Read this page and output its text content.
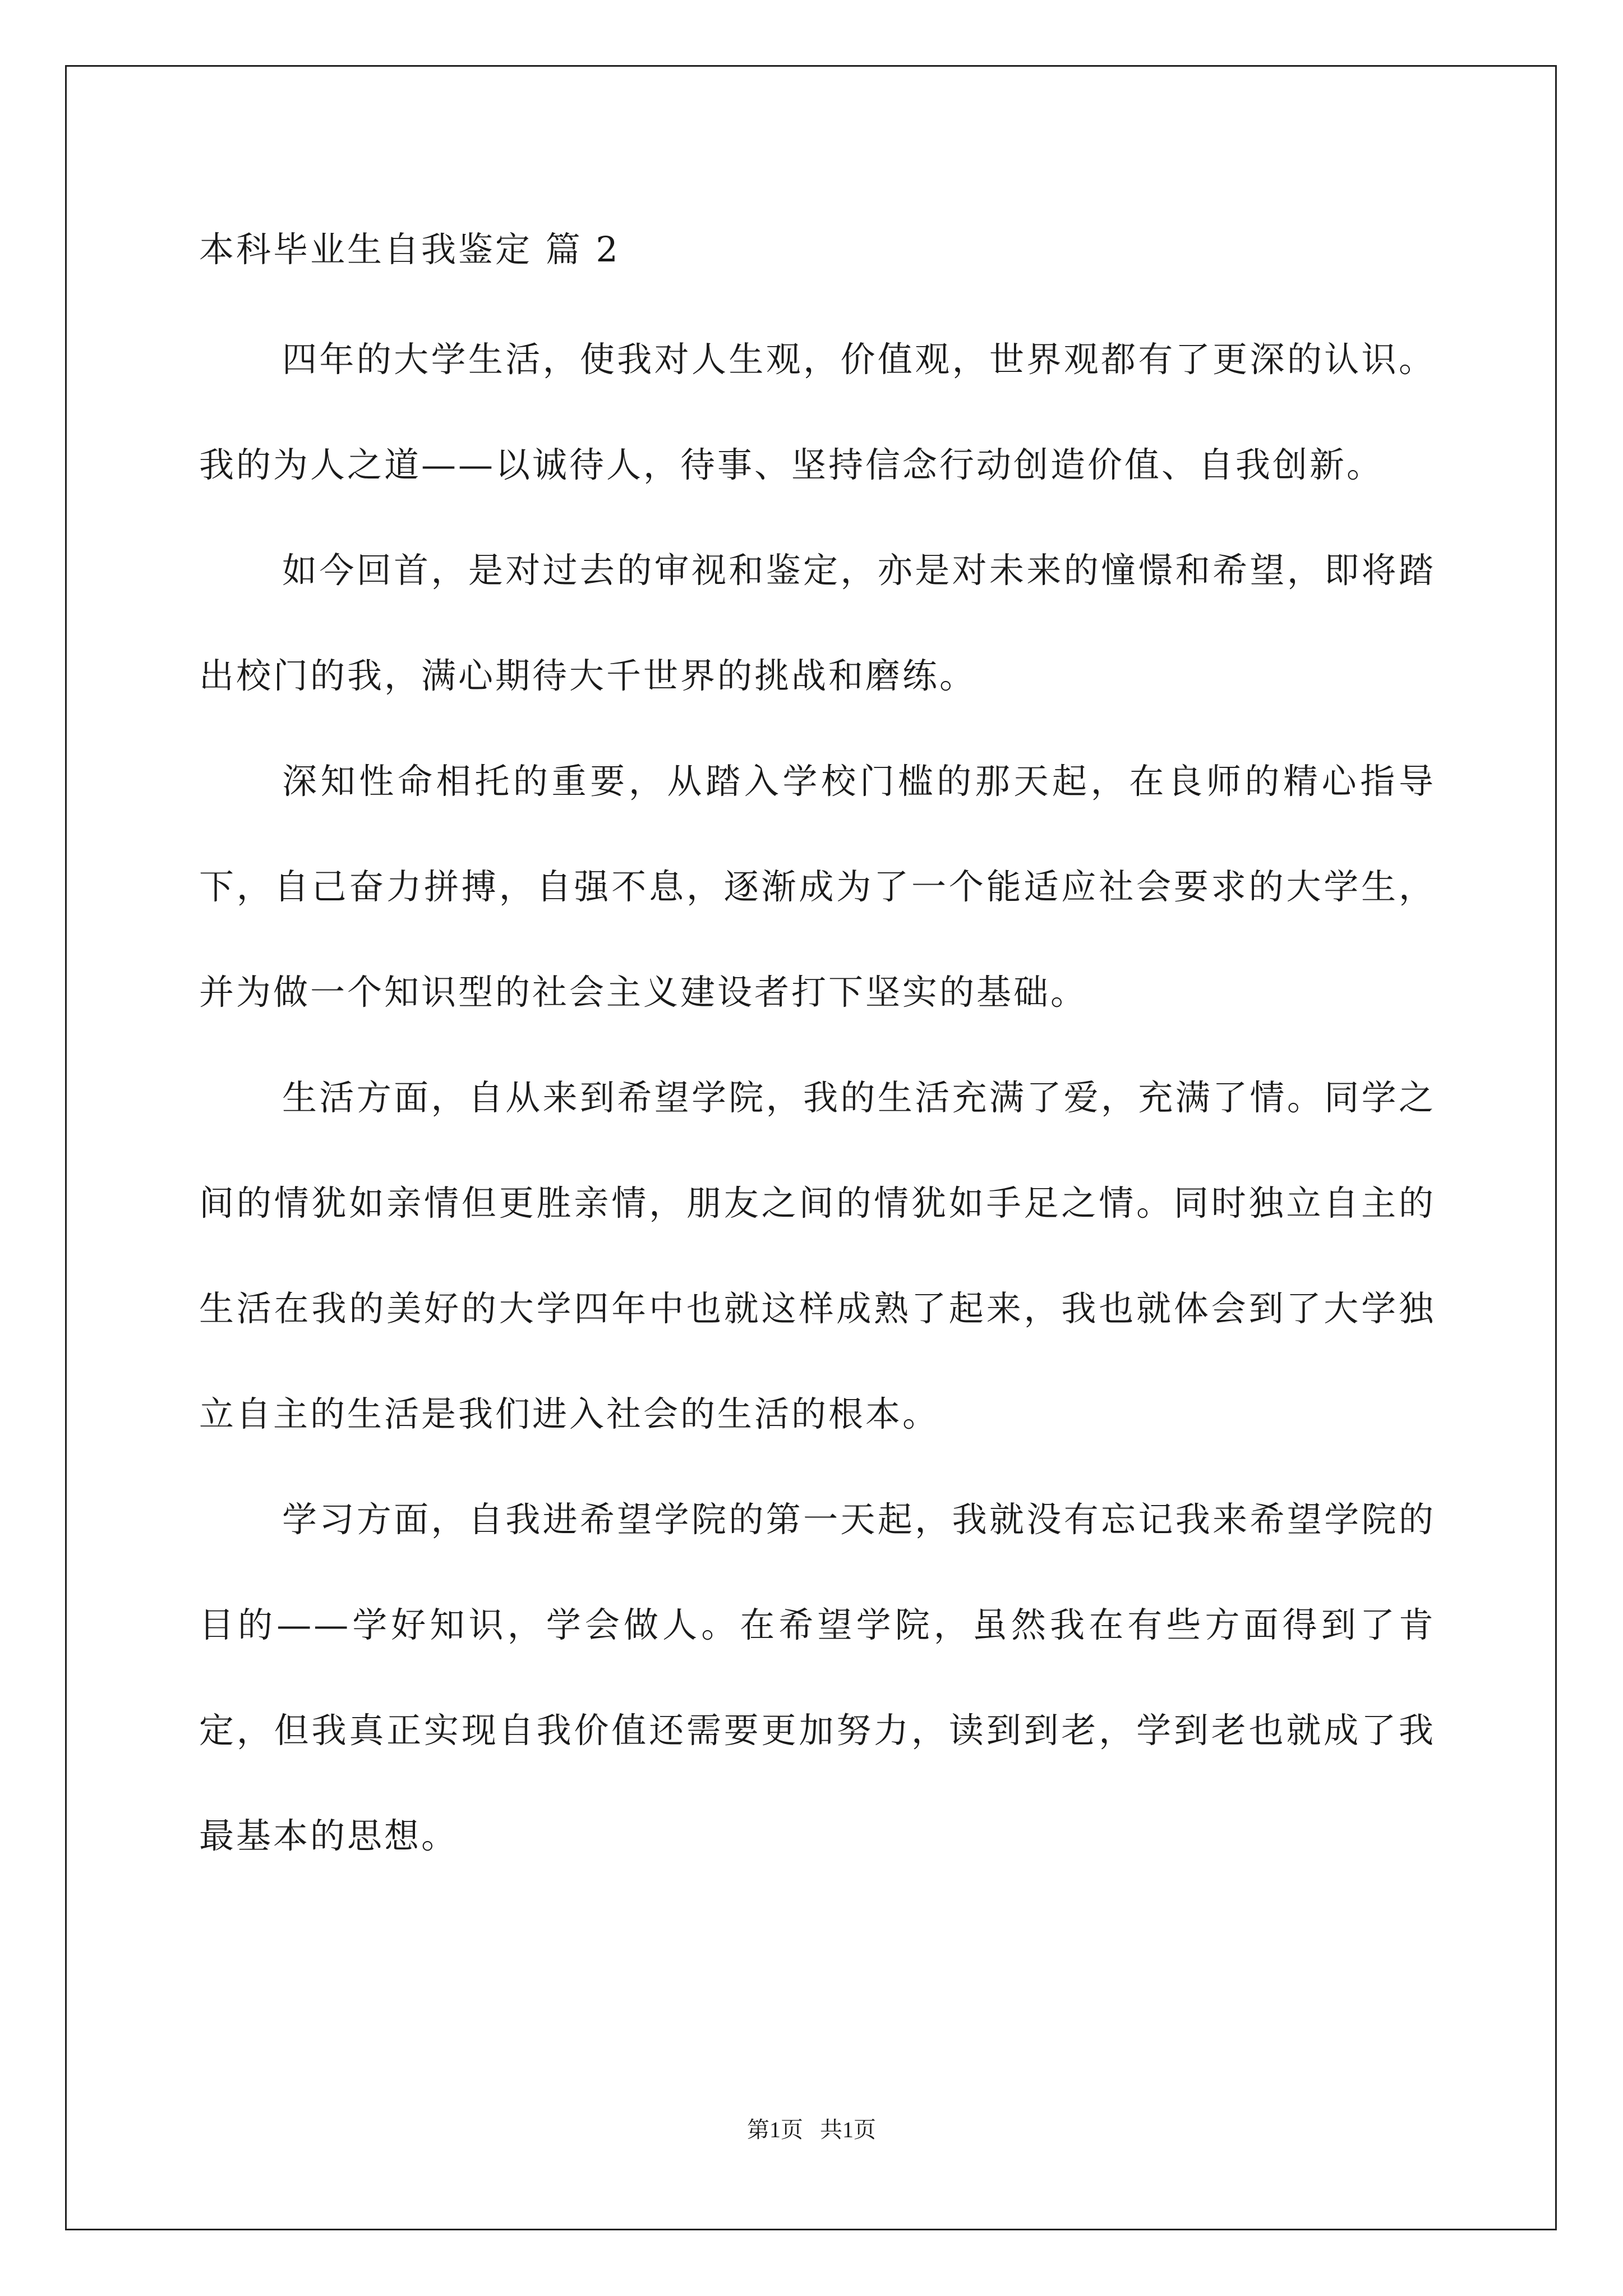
本科毕业生自我鉴定 篇 2

四年的大学生活，使我对人生观，价值观，世界观都有了更深的认识。我的为人之道——以诚待人，待事、坚持信念行动创造价值、自我创新。

如今回首，是对过去的审视和鉴定，亦是对未来的憧憬和希望，即将踏出校门的我，满心期待大千世界的挑战和磨练。

深知性命相托的重要，从踏入学校门槛的那天起，在良师的精心指导下，自己奋力拼搏，自强不息，逐渐成为了一个能适应社会要求的大学生，并为做一个知识型的社会主义建设者打下坚实的基础。

生活方面，自从来到希望学院，我的生活充满了爱，充满了情。同学之间的情犹如亲情但更胜亲情，朋友之间的情犹如手足之情。同时独立自主的生活在我的美好的大学四年中也就这样成熟了起来，我也就体会到了大学独立自主的生活是我们进入社会的生活的根本。

学习方面，自我进希望学院的第一天起，我就没有忘记我来希望学院的目的——学好知识，学会做人。在希望学院，虽然我在有些方面得到了肯定，但我真正实现自我价值还需要更加努力，读到到老，学到老也就成了我最基本的思想。

第1页   共1页
